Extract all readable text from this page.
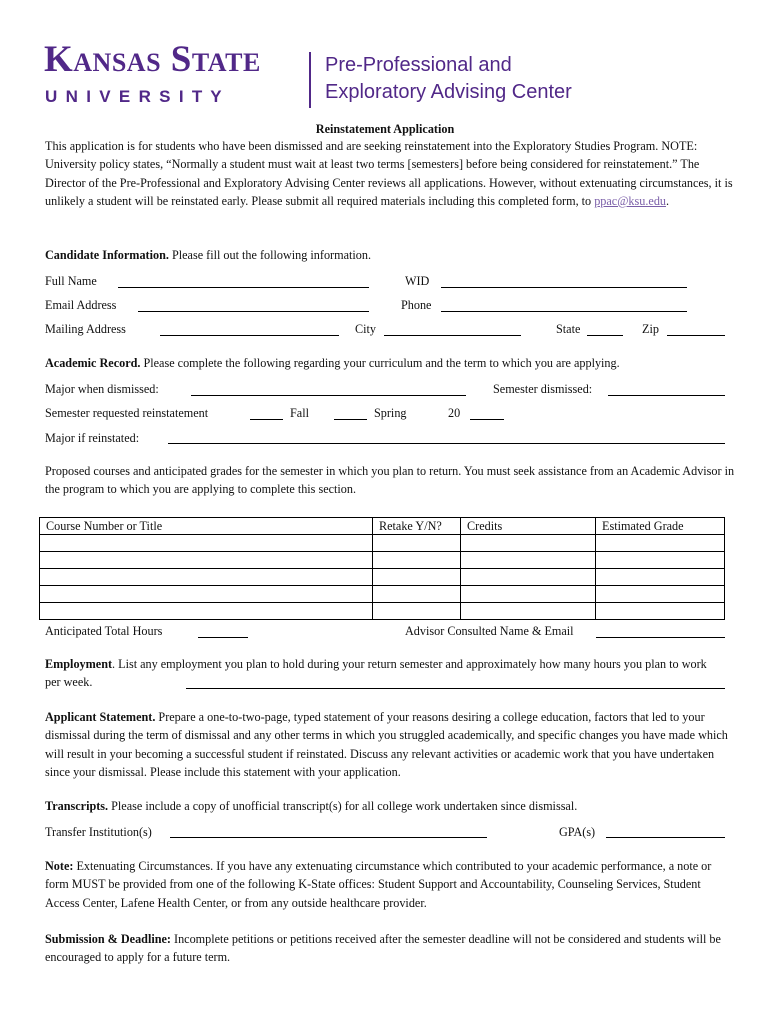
Kansas State
U N I V E R S I T Y
Pre-Professional and
Exploratory Advising Center
Reinstatement Application
This application is for students who have been dismissed and are seeking reinstatement into the Exploratory Studies Program. NOTE: University policy states, “Normally a student must wait at least two terms [semesters] before being considered for reinstatement.” The Director of the Pre-Professional and Exploratory Advising Center reviews all applications. However, without extenuating circumstances, it is unlikely a student will be reinstated early. Please submit all required materials including this completed form, to ppac@ksu.edu.
Candidate Information. Please fill out the following information.
Full Name	WID
Email Address	Phone
Mailing Address	City	State	Zip
Academic Record. Please complete the following regarding your curriculum and the term to which you are applying.
Major when dismissed:	Semester dismissed:
Semester requested reinstatement	Fall	Spring	20
Major if reinstated:
Proposed courses and anticipated grades for the semester in which you plan to return. You must seek assistance from an Academic Advisor in the program to which you are applying to complete this section.
Course Number or Title	Retake Y/N?	Credits	Estimated Grade

Anticipated Total Hours	Advisor Consulted Name & Email
Employment. List any employment you plan to hold during your return semester and approximately how many hours you plan to work per week.
Applicant Statement. Prepare a one-to-two-page, typed statement of your reasons desiring a college education, factors that led to your dismissal during the term of dismissal and any other terms in which you struggled academically, and specific changes you have made which will result in your becoming a successful student if reinstated. Discuss any relevant activities or academic work that you have undertaken since your dismissal. Please include this statement with your application.
Transcripts. Please include a copy of unofficial transcript(s) for all college work undertaken since dismissal.
Transfer Institution(s)	GPA(s)
Note: Extenuating Circumstances. If you have any extenuating circumstance which contributed to your academic performance, a note or form MUST be provided from one of the following K-State offices: Student Support and Accountability, Counseling Services, Student Access Center, Lafene Health Center, or from any outside healthcare provider.
Submission & Deadline: Incomplete petitions or petitions received after the semester deadline will not be considered and students will be encouraged to apply for a future term.
